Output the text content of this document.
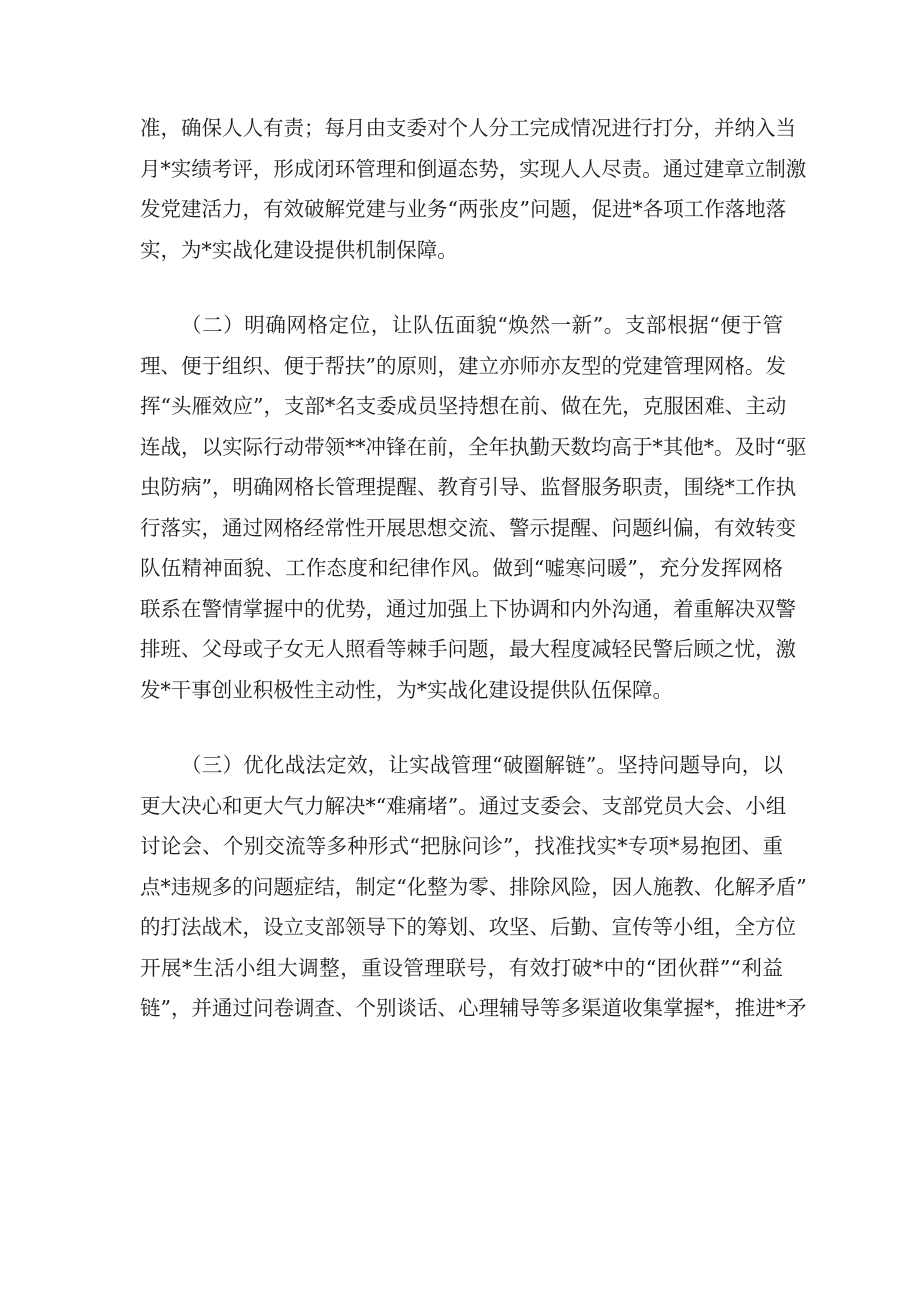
准，确保人人有责；每月由支委对个人分工完成情况进行打分，并纳入当
月*实绩考评，形成闭环管理和倒逼态势，实现人人尽责。通过建章立制激
发党建活力，有效破解党建与业务“两张皮”问题，促进*各项工作落地落
实，为*实战化建设提供机制保障。
（二）明确网格定位，让队伍面貌“焕然一新”。支部根据“便于管
理、便于组织、便于帮扶”的原则，建立亦师亦友型的党建管理网格。发
挥“头雁效应”，支部*名支委成员坚持想在前、做在先，克服困难、主动
连战，以实际行动带领**冲锋在前，全年执勤天数均高于*其他*。及时“驱
虫防病”，明确网格长管理提醒、教育引导、监督服务职责，围绕*工作执
行落实，通过网格经常性开展思想交流、警示提醒、问题纠偏，有效转变
队伍精神面貌、工作态度和纪律作风。做到“嘘寒问暖”，充分发挥网格
联系在警情掌握中的优势，通过加强上下协调和内外沟通，着重解决双警
排班、父母或子女无人照看等棘手问题，最大程度减轻民警后顾之忧，激
发*干事创业积极性主动性，为*实战化建设提供队伍保障。
（三）优化战法定效，让实战管理“破圈解链”。坚持问题导向，以
更大决心和更大气力解决*“难痛堵”。通过支委会、支部党员大会、小组
讨论会、个别交流等多种形式“把脉问诊”，找准找实*专项*易抱团、重
点*违规多的问题症结，制定“化整为零、排除风险，因人施教、化解矛盾”
的打法战术，设立支部领导下的筹划、攻坚、后勤、宣传等小组，全方位
开展*生活小组大调整，重设管理联号，有效打破*中的“团伙群”“利益
链”，并通过问卷调查、个别谈话、心理辅导等多渠道收集掌握*，推进*矛
